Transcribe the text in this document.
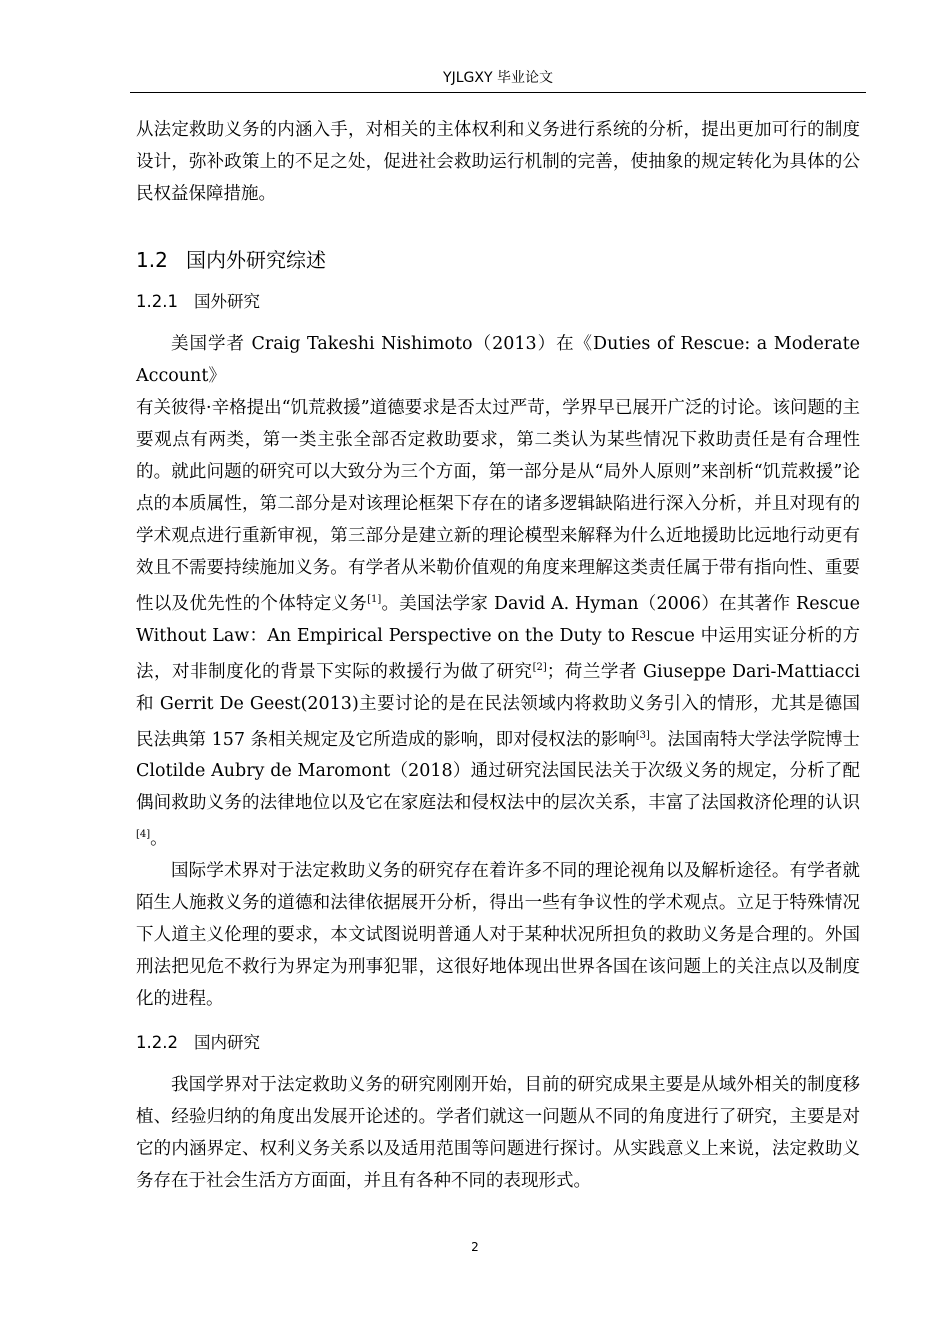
YJLGXY 毕业论文

从法定救助义务的内涵入手，对相关的主体权利和义务进行系统的分析，提出更加可行的制度设计，弥补政策上的不足之处，促进社会救助运行机制的完善，使抽象的规定转化为具体的公民权益保障措施。

1.2 国内外研究综述
1.2.1 国外研究

美国学者 Craig Takeshi Nishimoto（2013）在《Duties of Rescue: a Moderate Account》

有关彼得·辛格提出“饥荒救援”道德要求是否太过严苛，学界早已展开广泛的讨论。该问题的主要观点有两类，第一类主张全部否定救助要求，第二类认为某些情况下救助责任是有合理性的。就此问题的研究可以大致分为三个方面，第一部分是从“局外人原则”来剖析“饥荒救援”论点的本质属性，第二部分是对该理论框架下存在的诸多逻辑缺陷进行深入分析，并且对现有的学术观点进行重新审视，第三部分是建立新的理论模型来解释为什么近地援助比远地行动更有效且不需要持续施加义务。有学者从米勒价值观的角度来理解这类责任属于带有指向性、重要性以及优先性的个体特定义务[1]。美国法学家 David A. Hyman（2006）在其著作 Rescue Without Law：An Empirical Perspective on the Duty to Rescue 中运用实证分析的方法，对非制度化的背景下实际的救援行为做了研究[2]；荷兰学者 Giuseppe Dari-Mattiacci 和 Gerrit De Geest(2013)主要讨论的是在民法领域内将救助义务引入的情形，尤其是德国民法典第 157 条相关规定及它所造成的影响，即对侵权法的影响[3]。法国南特大学法学院博士 Clotilde Aubry de Maromont（2018）通过研究法国民法关于次级义务的规定，分析了配偶间救助义务的法律地位以及它在家庭法和侵权法中的层次关系，丰富了法国救济伦理的认识[4]。

国际学术界对于法定救助义务的研究存在着许多不同的理论视角以及解析途径。有学者就陌生人施救义务的道德和法律依据展开分析，得出一些有争议性的学术观点。立足于特殊情况下人道主义伦理的要求，本文试图说明普通人对于某种状况所担负的救助义务是合理的。外国刑法把见危不救行为界定为刑事犯罪，这很好地体现出世界各国在该问题上的关注点以及制度化的进程。

1.2.2 国内研究

我国学界对于法定救助义务的研究刚刚开始，目前的研究成果主要是从域外相关的制度移植、经验归纳的角度出发展开论述的。学者们就这一问题从不同的角度进行了研究，主要是对它的内涵界定、权利义务关系以及适用范围等问题进行探讨。从实践意义上来说，法定救助义务存在于社会生活方方面面，并且有各种不同的表现形式。

2
